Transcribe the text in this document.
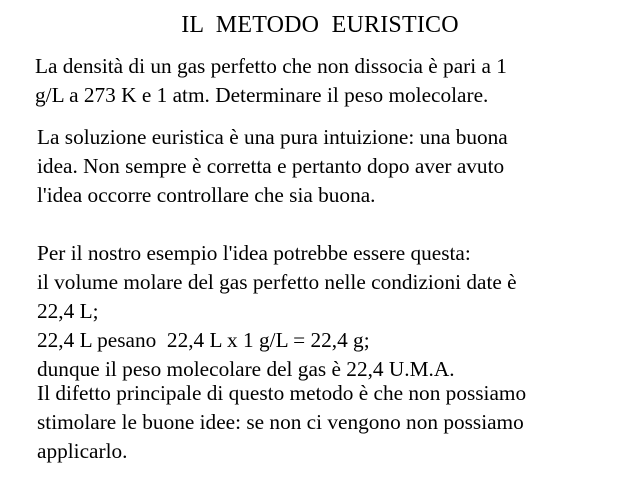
IL  METODO  EURISTICO
La densità di un gas perfetto che non dissocia è pari a 1
g/L a 273 K e 1 atm. Determinare il peso molecolare.
La soluzione euristica è una pura intuizione: una buona
idea. Non sempre è corretta e pertanto dopo aver avuto
l'idea occorre controllare che sia buona.
Per il nostro esempio l'idea potrebbe essere questa:
il volume molare del gas perfetto nelle condizioni date è
22,4 L;
22,4 L pesano  22,4 L x 1 g/L = 22,4 g;
dunque il peso molecolare del gas è 22,4 U.M.A.
Il difetto principale di questo metodo è che non possiamo
stimolare le buone idee: se non ci vengono non possiamo
applicarlo.
